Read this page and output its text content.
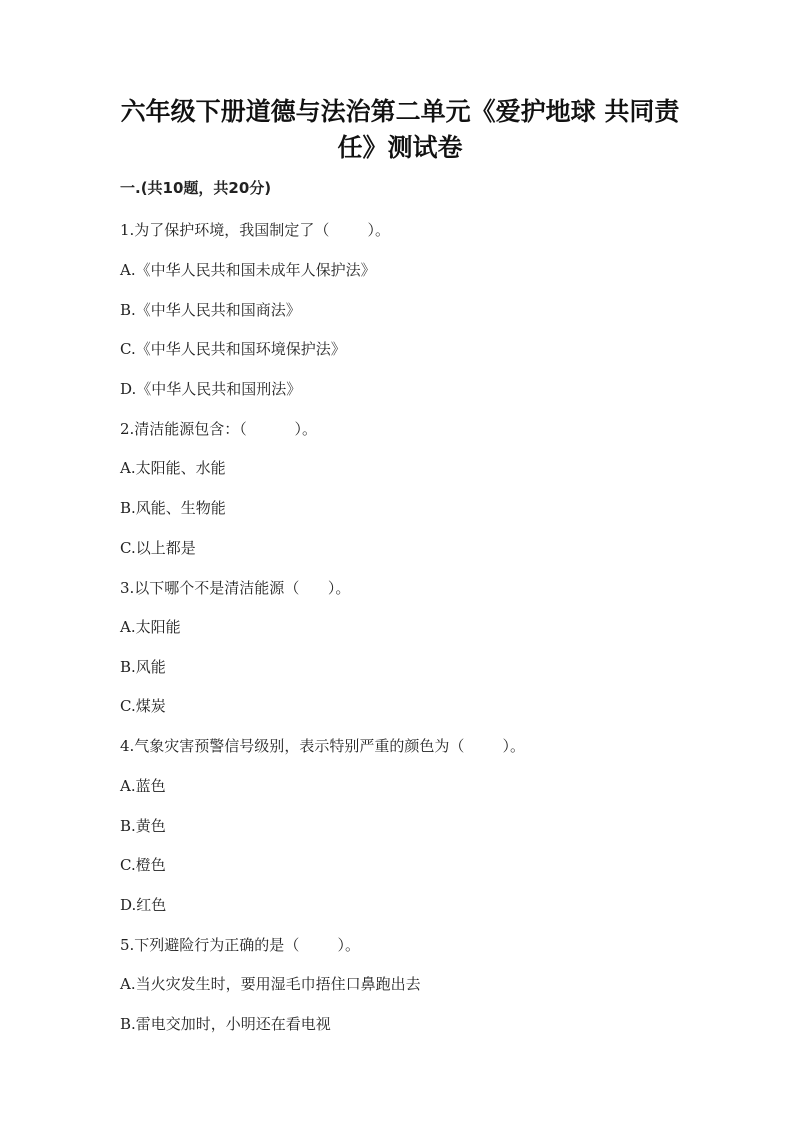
六年级下册道德与法治第二单元《爱护地球 共同责
任》测试卷

一.(共10题，共20分)

1.为了保护环境，我国制定了（        ）。

A.《中华人民共和国未成年人保护法》

B.《中华人民共和国商法》

C.《中华人民共和国环境保护法》

D.《中华人民共和国刑法》

2.清洁能源包含：（          ）。

A.太阳能、水能

B.风能、生物能

C.以上都是

3.以下哪个不是清洁能源（      ）。

A.太阳能

B.风能

C.煤炭

4.气象灾害预警信号级别，表示特别严重的颜色为（        ）。

A.蓝色

B.黄色

C.橙色

D.红色

5.下列避险行为正确的是（        ）。

A.当火灾发生时，要用湿毛巾捂住口鼻跑出去

B.雷电交加时，小明还在看电视
